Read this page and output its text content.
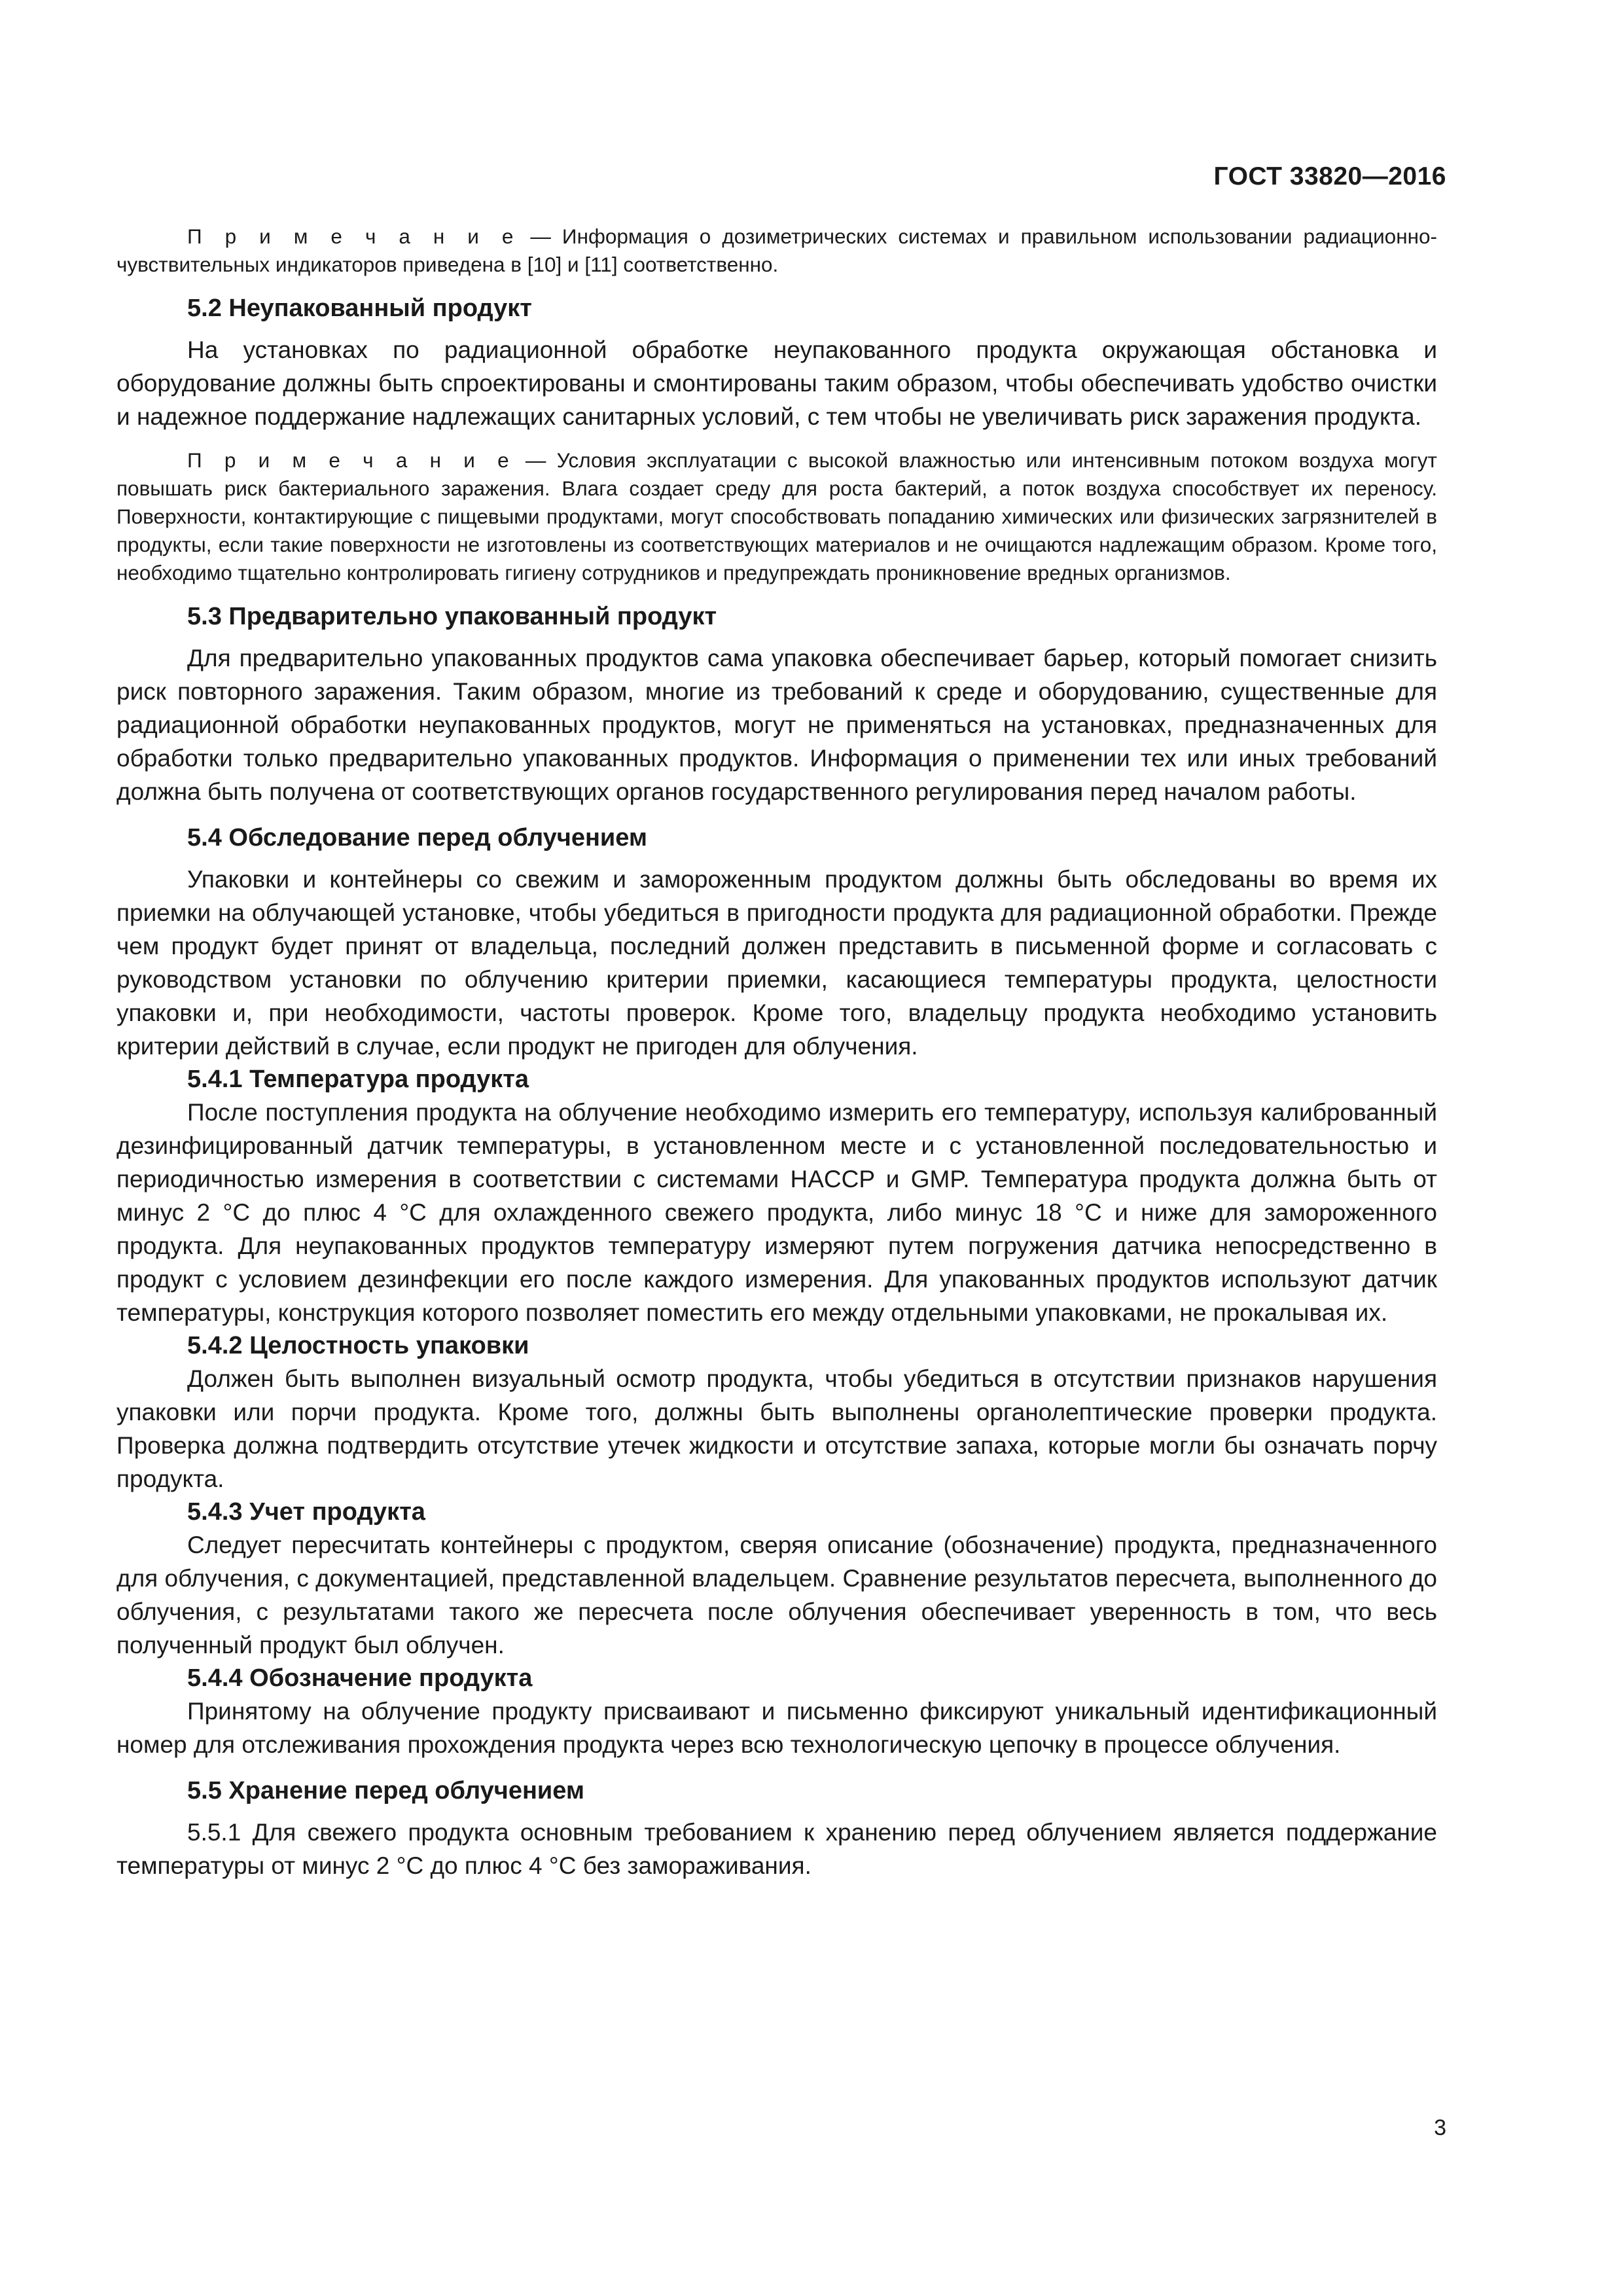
ГОСТ 33820—2016

П р и м е ч а н и е — Информация о дозиметрических системах и правильном использовании радиационно-чувствительных индикаторов приведена в [10] и [11] соответственно.

5.2 Неупакованный продукт

На установках по радиационной обработке неупакованного продукта окружающая обстановка и оборудование должны быть спроектированы и смонтированы таким образом, чтобы обеспечивать удобство очистки и надежное поддержание надлежащих санитарных условий, с тем чтобы не увеличивать риск заражения продукта.

П р и м е ч а н и е — Условия эксплуатации с высокой влажностью или интенсивным потоком воздуха могут повышать риск бактериального заражения. Влага создает среду для роста бактерий, а поток воздуха способствует их переносу. Поверхности, контактирующие с пищевыми продуктами, могут способствовать попаданию химических или физических загрязнителей в продукты, если такие поверхности не изготовлены из соответствующих материалов и не очищаются надлежащим образом. Кроме того, необходимо тщательно контролировать гигиену сотрудников и предупреждать проникновение вредных организмов.

5.3 Предварительно упакованный продукт

Для предварительно упакованных продуктов сама упаковка обеспечивает барьер, который помогает снизить риск повторного заражения. Таким образом, многие из требований к среде и оборудованию, существенные для радиационной обработки неупакованных продуктов, могут не применяться на установках, предназначенных для обработки только предварительно упакованных продуктов. Информация о применении тех или иных требований должна быть получена от соответствующих органов государственного регулирования перед началом работы.

5.4 Обследование перед облучением

Упаковки и контейнеры со свежим и замороженным продуктом должны быть обследованы во время их приемки на облучающей установке, чтобы убедиться в пригодности продукта для радиационной обработки. Прежде чем продукт будет принят от владельца, последний должен представить в письменной форме и согласовать с руководством установки по облучению критерии приемки, касающиеся температуры продукта, целостности упаковки и, при необходимости, частоты проверок. Кроме того, владельцу продукта необходимо установить критерии действий в случае, если продукт не пригоден для облучения.

5.4.1 Температура продукта

После поступления продукта на облучение необходимо измерить его температуру, используя калиброванный дезинфицированный датчик температуры, в установленном месте и с установленной последовательностью и периодичностью измерения в соответствии с системами HACCP и GMP. Температура продукта должна быть от минус 2 °С до плюс 4 °С для охлажденного свежего продукта, либо минус 18 °С и ниже для замороженного продукта. Для неупакованных продуктов температуру измеряют путем погружения датчика непосредственно в продукт с условием дезинфекции его после каждого измерения. Для упакованных продуктов используют датчик температуры, конструкция которого позволяет поместить его между отдельными упаковками, не прокалывая их.

5.4.2 Целостность упаковки

Должен быть выполнен визуальный осмотр продукта, чтобы убедиться в отсутствии признаков нарушения упаковки или порчи продукта. Кроме того, должны быть выполнены органолептические проверки продукта. Проверка должна подтвердить отсутствие утечек жидкости и отсутствие запаха, которые могли бы означать порчу продукта.

5.4.3 Учет продукта

Следует пересчитать контейнеры с продуктом, сверяя описание (обозначение) продукта, предназначенного для облучения, с документацией, представленной владельцем. Сравнение результатов пересчета, выполненного до облучения, с результатами такого же пересчета после облучения обеспечивает уверенность в том, что весь полученный продукт был облучен.

5.4.4 Обозначение продукта

Принятому на облучение продукту присваивают и письменно фиксируют уникальный идентификационный номер для отслеживания прохождения продукта через всю технологическую цепочку в процессе облучения.

5.5 Хранение перед облучением

5.5.1 Для свежего продукта основным требованием к хранению перед облучением является поддержание температуры от минус 2 °С до плюс 4 °С без замораживания.

3
